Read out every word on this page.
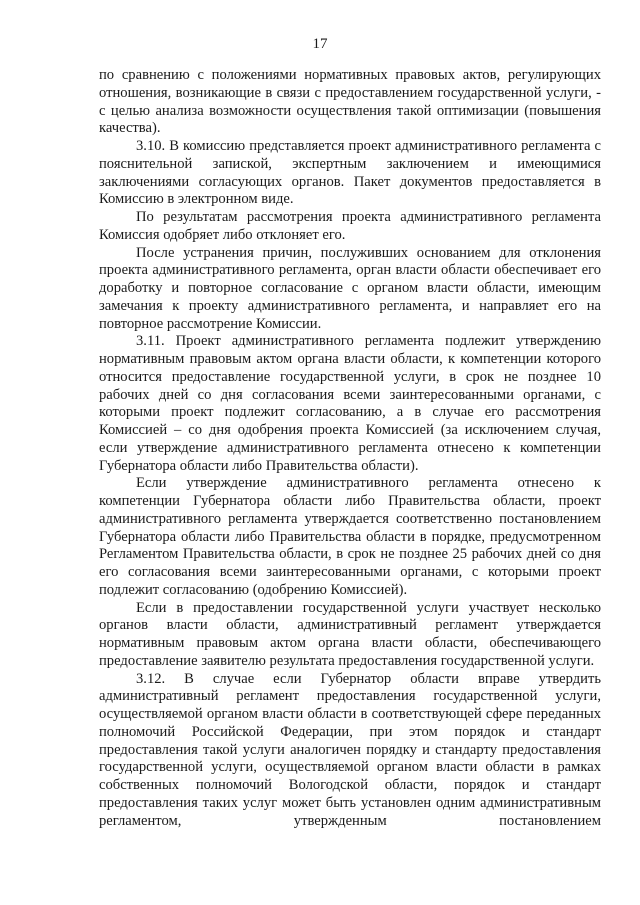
17

по сравнению с положениями нормативных правовых актов, регулирующих отношения, возникающие в связи с предоставлением государственной услуги, - с целью анализа возможности осуществления такой оптимизации (повышения качества).

3.10. В комиссию представляется проект административного регламента с пояснительной запиской, экспертным заключением и имеющимися заключениями согласующих органов. Пакет документов предоставляется в Комиссию в электронном виде.

По результатам рассмотрения проекта административного регламента Комиссия одобряет либо отклоняет его.

После устранения причин, послуживших основанием для отклонения проекта административного регламента, орган власти области обеспечивает его доработку и повторное согласование с органом власти области, имеющим замечания к проекту административного регламента, и направляет его на повторное рассмотрение Комиссии.

3.11. Проект административного регламента подлежит утверждению нормативным правовым актом органа власти области, к компетенции которого относится предоставление государственной услуги, в срок не позднее 10 рабочих дней со дня согласования всеми заинтересованными органами, с которыми проект подлежит согласованию, а в случае его рассмотрения Комиссией – со дня одобрения проекта Комиссией (за исключением случая, если утверждение административного регламента отнесено к компетенции Губернатора области либо Правительства области).

Если утверждение административного регламента отнесено к компетенции Губернатора области либо Правительства области, проект административного регламента утверждается соответственно постановлением Губернатора области либо Правительства области в порядке, предусмотренном Регламентом Правительства области, в срок не позднее 25 рабочих дней со дня его согласования всеми заинтересованными органами, с которыми проект подлежит согласованию (одобрению Комиссией).

Если в предоставлении государственной услуги участвует несколько органов власти области, административный регламент утверждается нормативным правовым актом органа власти области, обеспечивающего предоставление заявителю результата предоставления государственной услуги.

3.12. В случае если Губернатор области вправе утвердить административный регламент предоставления государственной услуги, осуществляемой органом власти области в соответствующей сфере переданных полномочий Российской Федерации, при этом порядок и стандарт предоставления такой услуги аналогичен порядку и стандарту предоставления государственной услуги, осуществляемой органом власти области в рамках собственных полномочий Вологодской области, порядок и стандарт предоставления таких услуг может быть установлен одним административным регламентом, утвержденным постановлением
